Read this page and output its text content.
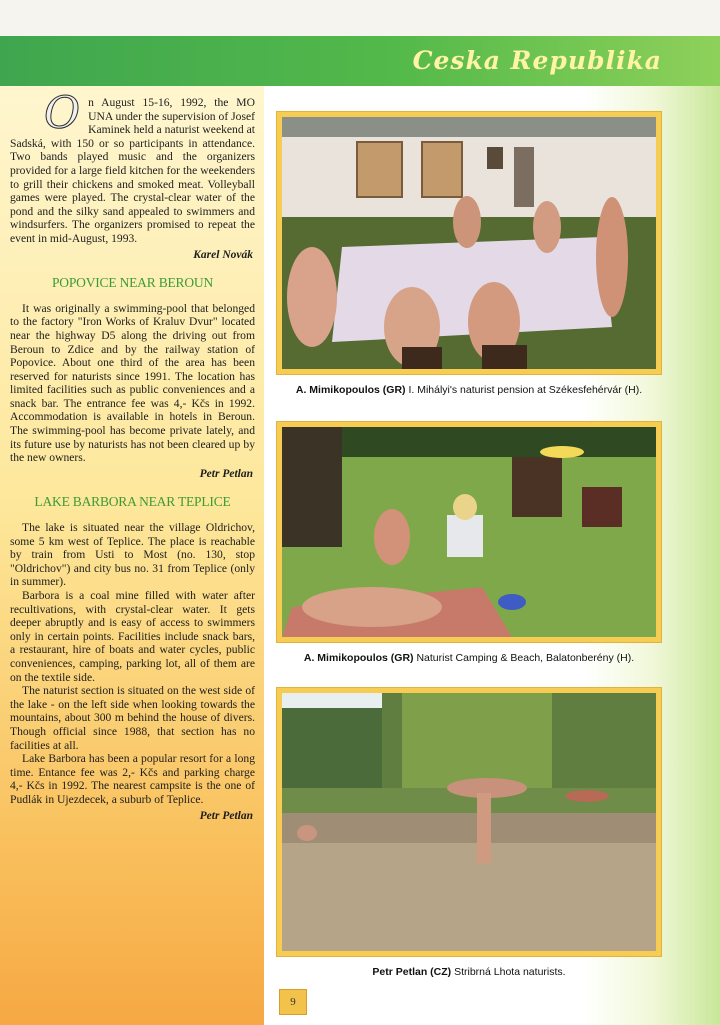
Ceska Republika

On August 15-16, 1992, the MO UNA under the supervision of Josef Kaminek held a naturist weekend at Sadská, with 150 or so participants in attendance. Two bands played music and the organizers provided for a large field kitchen for the weekenders to grill their chickens and smoked meat. Volleyball games were played. The crystal-clear water of the pond and the silky sand appealed to swimmers and windsurfers. The organizers promised to repeat the event in mid-August, 1993.

Karel Novák
POPOVICE NEAR BEROUN

It was originally a swimming-pool that belonged to the factory "Iron Works of Kraluv Dvur" located near the highway D5 along the driving out from Beroun to Zdice and by the railway station of Popovice. About one third of the area has been reserved for naturists since 1991. The location has limited facilities such as public conveniences and a snack bar. The entrance fee was 4,- Kčs in 1992. Accommodation is available in hotels in Beroun. The swimming-pool has become private lately, and its future use by naturists has not been cleared up by the new owners.

Petr Petlan
LAKE BARBORA NEAR TEPLICE

The lake is situated near the village Oldrichov, some 5 km west of Teplice. The place is reachable by train from Usti to Most (no. 130, stop "Oldrichov") and city bus no. 31 from Teplice (only in summer).

Barbora is a coal mine filled with water after recultivations, with crystal-clear water. It gets deeper abruptly and is easy of access to swimmers only in certain points. Facilities include snack bars, a restaurant, hire of boats and water cycles, public conveniences, camping, parking lot, all of them are on the textile side.

The naturist section is situated on the west side of the lake - on the left side when looking towards the mountains, about 300 m behind the house of divers. Though official since 1988, that section has no facilities at all.

Lake Barbora has been a popular resort for a long time. Entance fee was 2,- Kčs and parking charge 4,- Kčs in 1992. The nearest campsite is the one of Pudlák in Ujezdecek, a suburb of Teplice.

Petr Petlan
A. Mimikopoulos (GR) I. Mihályi's naturist pension at Székesfehérvár (H).
A. Mimikopoulos (GR) Naturist Camping & Beach, Balatonberény (H).
Petr Petlan (CZ) Stribrná Lhota naturists.
9
